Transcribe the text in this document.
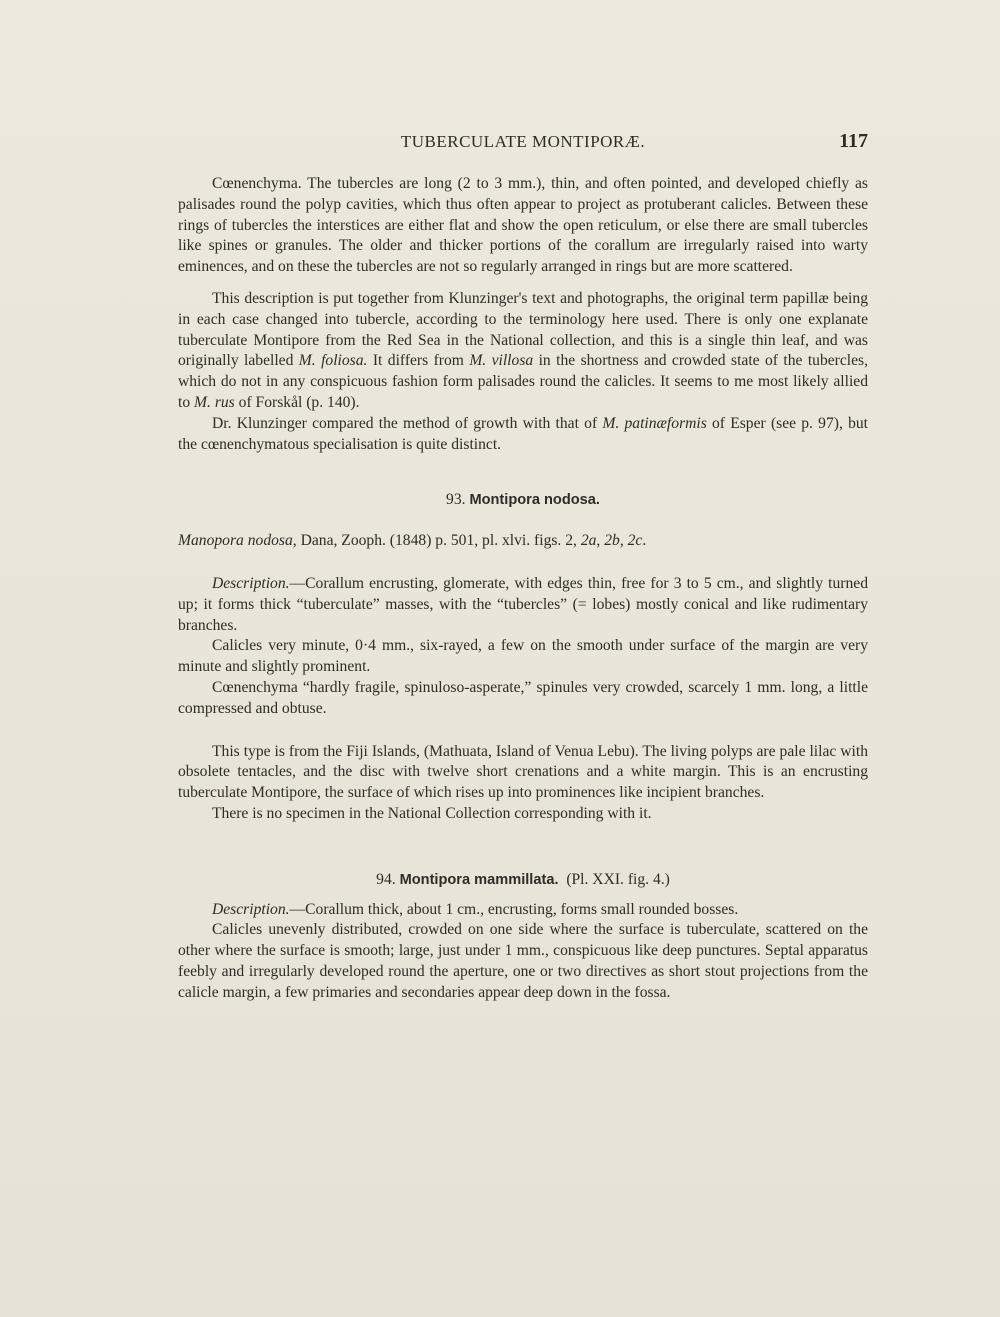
TUBERCULATE MONTIPORÆ.	117

Cœnenchyma. The tubercles are long (2 to 3 mm.), thin, and often pointed, and developed chiefly as palisades round the polyp cavities, which thus often appear to project as protuberant calicles. Between these rings of tubercles the interstices are either flat and show the open reticulum, or else there are small tubercles like spines or granules. The older and thicker portions of the corallum are irregularly raised into warty eminences, and on these the tubercles are not so regularly arranged in rings but are more scattered.

This description is put together from Klunzinger's text and photographs, the original term papillæ being in each case changed into tubercle, according to the terminology here used. There is only one explanate tuberculate Montipore from the Red Sea in the National collection, and this is a single thin leaf, and was originally labelled M. foliosa. It differs from M. villosa in the shortness and crowded state of the tubercles, which do not in any conspicuous fashion form palisades round the calicles. It seems to me most likely allied to M. rus of Forskål (p. 140).

Dr. Klunzinger compared the method of growth with that of M. patinæformis of Esper (see p. 97), but the cœnenchymatous specialisation is quite distinct.

93. Montipora nodosa.

Manopora nodosa, Dana, Zooph. (1848) p. 501, pl. xlvi. figs. 2, 2a, 2b, 2c.

Description.—Corallum encrusting, glomerate, with edges thin, free for 3 to 5 cm., and slightly turned up; it forms thick “tuberculate” masses, with the “tubercles” (= lobes) mostly conical and like rudimentary branches.

Calicles very minute, 0·4 mm., six-rayed, a few on the smooth under surface of the margin are very minute and slightly prominent.

Cœnenchyma “hardly fragile, spinuloso-asperate,” spinules very crowded, scarcely 1 mm. long, a little compressed and obtuse.

This type is from the Fiji Islands, (Mathuata, Island of Venua Lebu). The living polyps are pale lilac with obsolete tentacles, and the disc with twelve short crenations and a white margin. This is an encrusting tuberculate Montipore, the surface of which rises up into prominences like incipient branches.

There is no specimen in the National Collection corresponding with it.

94. Montipora mammillata. (Pl. XXI. fig. 4.)

Description.—Corallum thick, about 1 cm., encrusting, forms small rounded bosses.

Calicles unevenly distributed, crowded on one side where the surface is tuberculate, scattered on the other where the surface is smooth; large, just under 1 mm., conspicuous like deep punctures. Septal apparatus feebly and irregularly developed round the aperture, one or two directives as short stout projections from the calicle margin, a few primaries and secondaries appear deep down in the fossa.
